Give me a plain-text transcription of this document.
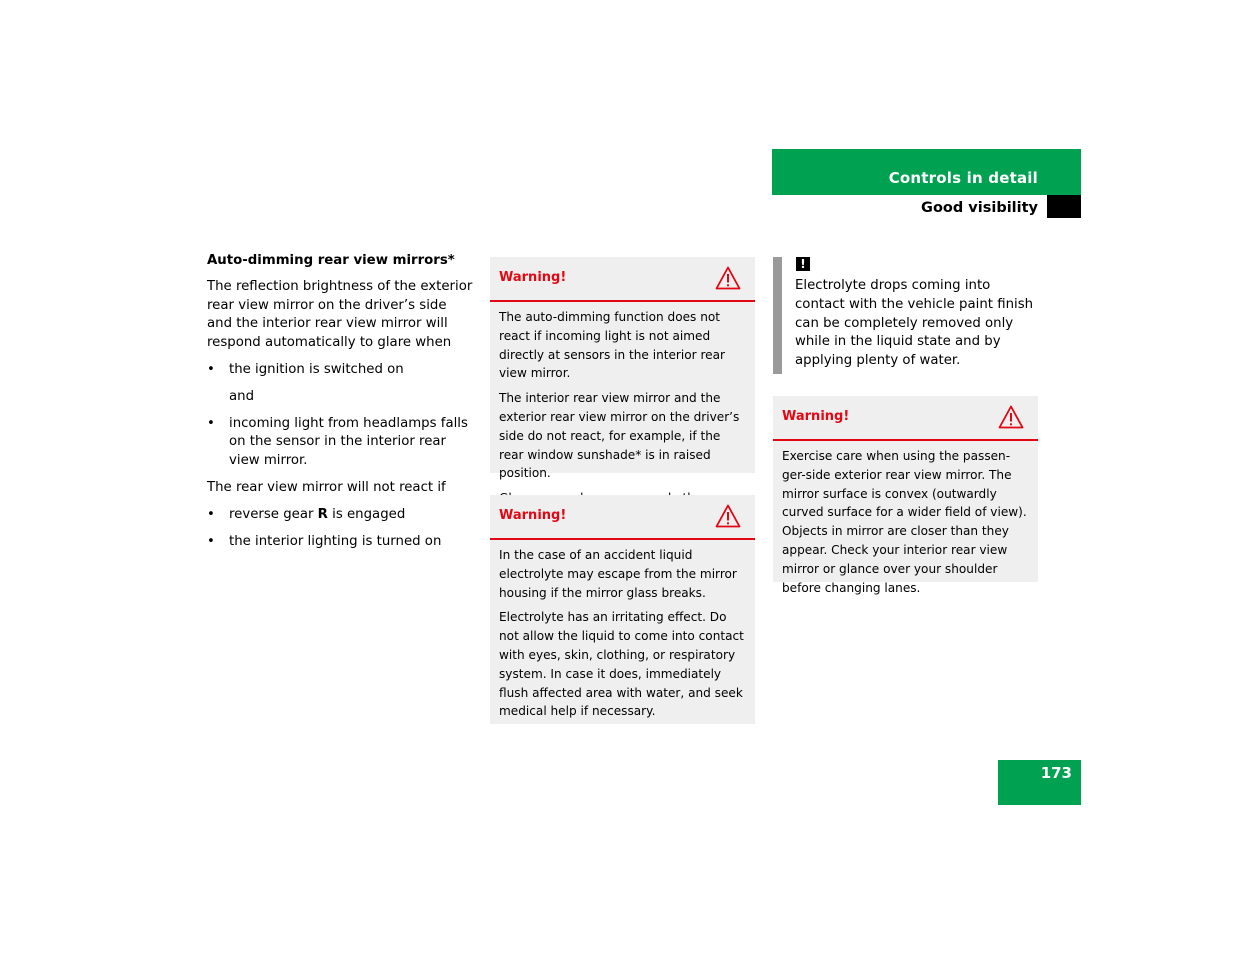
Controls in detail
Good visibility
Auto-dimming rear view mirrors*

The reflection brightness of the exterior rear view mirror on the driver’s side and the interior rear view mirror will respond automatically to glare when

• the ignition is switched on
and
• incoming light from headlamps falls on the sensor in the interior rear view mirror.

The rear view mirror will not react if

• reverse gear R is engaged
• the interior lighting is turned on
Warning!

The auto-dimming function does not react if incoming light is not aimed directly at sensors in the interior rear view mirror.

The interior rear view mirror and the exterior rear view mirror on the driver’s side do not react, for example, if the rear window sunshade* is in raised position.

Warning!

In the case of an accident liquid electrolyte may escape from the mirror housing if the mirror glass breaks.

Electrolyte has an irritating effect. Do not allow the liquid to come into contact with eyes, skin, clothing, or respiratory system. In case it does, immediately flush affected area with water, and seek medical help if necessary.

!

Electrolyte drops coming into contact with the vehicle paint finish can be completely removed only while in the liquid state and by applying plenty of water.

Warning!

Exercise care when using the passen-ger-side exterior rear view mirror. The mirror surface is convex (outwardly curved surface for a wider field of view). Objects in mirror are closer than they appear. Check your interior rear view mirror or glance over your shoulder before changing lanes.

173
